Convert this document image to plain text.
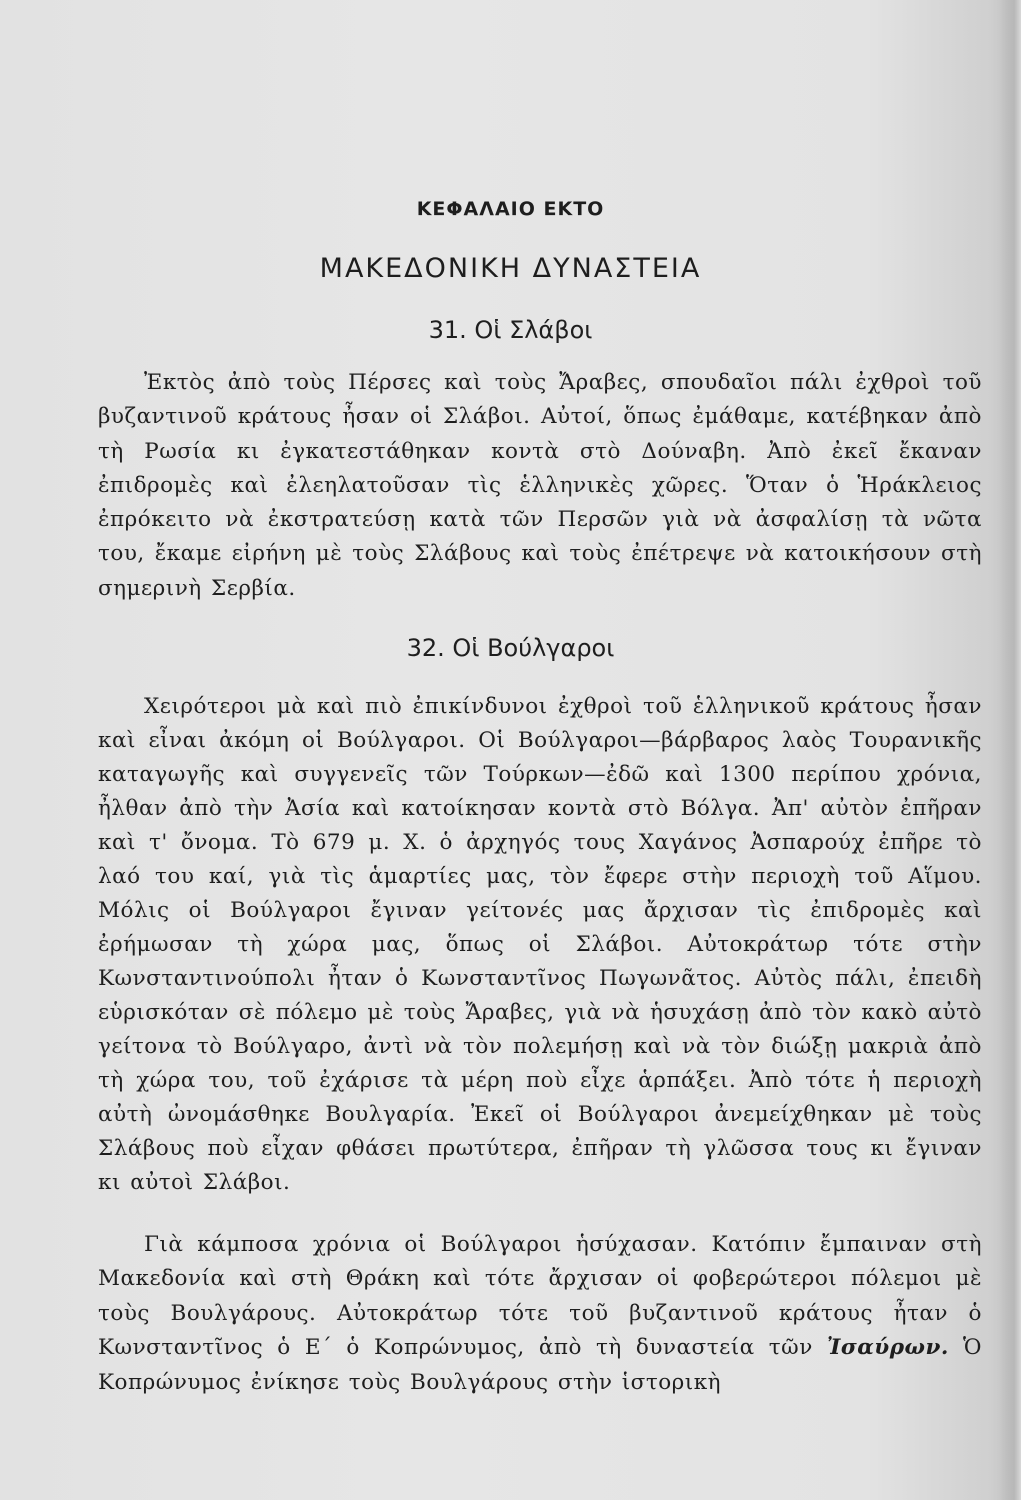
ΚΕΦΑΛΑΙΟ ΕΚΤΟ
ΜΑΚΕΔΟΝΙΚΗ ΔΥΝΑΣΤΕΙΑ
31. Οἱ Σλάβοι

Ἐκτὸς ἀπὸ τοὺς Πέρσες καὶ τοὺς Ἄραβες, σπουδαῖοι πάλι ἐχθροὶ τοῦ βυζαντινοῦ κράτους ἦσαν οἱ Σλάβοι. Αὐτοί, ὅπως ἐμάθαμε, κατέβηκαν ἀπὸ τὴ Ρωσία κι ἐγκατεστάθηκαν κοντὰ στὸ Δούναβη. Ἀπὸ ἐκεῖ ἔκαναν ἐπιδρομὲς καὶ ἐλεηλατοῦσαν τὶς ἑλληνικὲς χῶρες. Ὅταν ὁ Ἡράκλειος ἐπρόκειτο νὰ ἐκστρατεύσῃ κατὰ τῶν Περσῶν γιὰ νὰ ἀσφαλίσῃ τὰ νῶτα του, ἔκαμε εἰρήνη μὲ τοὺς Σλάβους καὶ τοὺς ἐπέτρεψε νὰ κατοικήσουν στὴ σημερινὴ Σερβία.

32. Οἱ Βούλγαροι

Χειρότεροι μὰ καὶ πιὸ ἐπικίνδυνοι ἐχθροὶ τοῦ ἑλληνικοῦ κράτους ἦσαν καὶ εἶναι ἀκόμη οἱ Βούλγαροι. Οἱ Βούλγαροι—βάρβαρος λαὸς Τουρανικῆς καταγωγῆς καὶ συγγενεῖς τῶν Τούρκων—ἐδῶ καὶ 1300 περίπου χρόνια, ἦλθαν ἀπὸ τὴν Ἀσία καὶ κατοίκησαν κοντὰ στὸ Βόλγα. Ἀπ' αὐτὸν ἐπῆραν καὶ τ' ὄνομα. Τὸ 679 μ. Χ. ὁ ἀρχηγός τους Χαγάνος Ἀσπαρούχ ἐπῆρε τὸ λαό του καί, γιὰ τὶς ἁμαρτίες μας, τὸν ἔφερε στὴν περιοχὴ τοῦ Αἵμου. Μόλις οἱ Βούλγαροι ἔγιναν γείτονές μας ἄρχισαν τὶς ἐπιδρομὲς καὶ ἐρήμωσαν τὴ χώρα μας, ὅπως οἱ Σλάβοι. Αὐτοκράτωρ τότε στὴν Κωνσταντινούπολι ἦταν ὁ Κωνσταντῖνος Πωγωνᾶτος. Αὐτὸς πάλι, ἐπειδὴ εὑρισκόταν σὲ πόλεμο μὲ τοὺς Ἄραβες, γιὰ νὰ ἡσυχάσῃ ἀπὸ τὸν κακὸ αὐτὸ γείτονα τὸ Βούλγαρο, ἀντὶ νὰ τὸν πολεμήσῃ καὶ νὰ τὸν διώξῃ μακριὰ ἀπὸ τὴ χώρα του, τοῦ ἐχάρισε τὰ μέρη ποὺ εἶχε ἁρπάξει. Ἀπὸ τότε ἡ περιοχὴ αὐτὴ ὠνομάσθηκε Βουλγαρία. Ἐκεῖ οἱ Βούλγαροι ἀνεμείχθηκαν μὲ τοὺς Σλάβους ποὺ εἶχαν φθάσει πρωτύτερα, ἐπῆραν τὴ γλῶσσα τους κι ἔγιναν κι αὐτοὶ Σλάβοι.

Γιὰ κάμποσα χρόνια οἱ Βούλγαροι ἡσύχασαν. Κατόπιν ἔμπαιναν στὴ Μακεδονία καὶ στὴ Θράκη καὶ τότε ἄρχισαν οἱ φοβερώτεροι πόλεμοι μὲ τοὺς Βουλγάρους. Αὐτοκράτωρ τότε τοῦ βυζαντινοῦ κράτους ἦταν ὁ Κωνσταντῖνος ὁ Ε΄ ὁ Κοπρώνυμος, ἀπὸ τὴ δυναστεία τῶν Ἰσαύρων. Ὁ Κοπρώνυμος ἐνίκησε τοὺς Βουλγάρους στὴν ἱστορικὴ
